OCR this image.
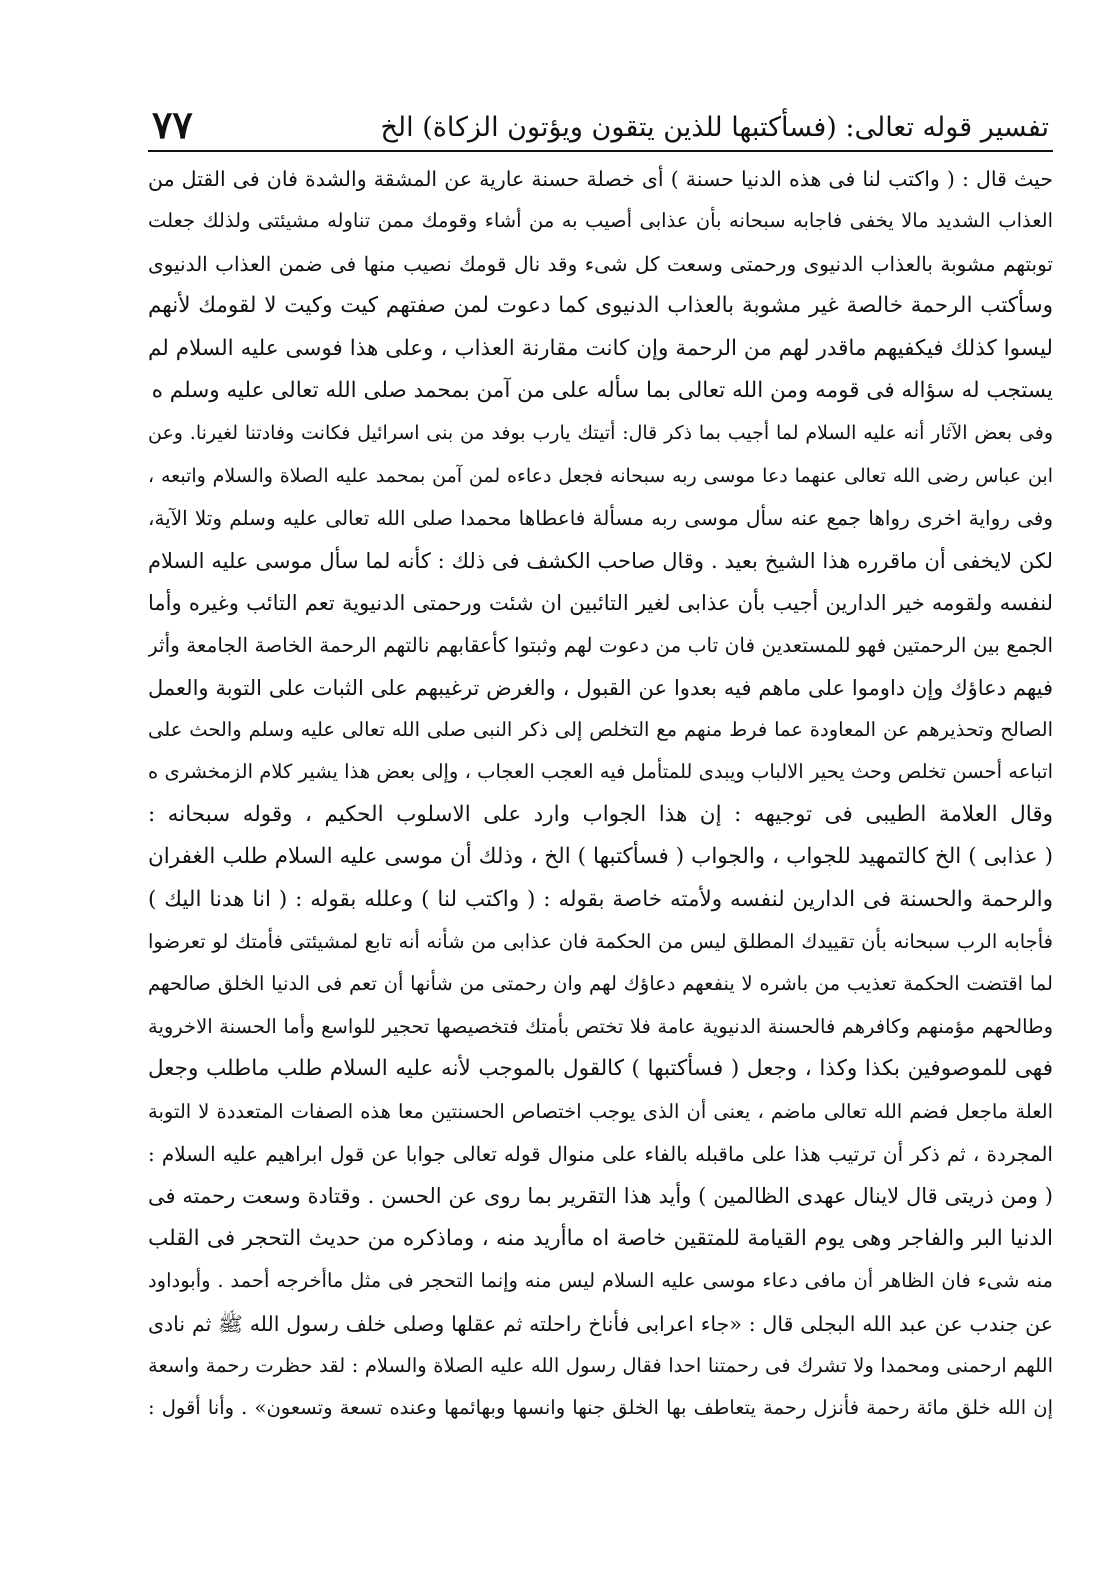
تفسير قوله تعالى: (فسأكتبها للذين يتقون ويؤتون الزكاة) الخ
٧٧
حيث قال : ( واكتب لنا فى هذه الدنيا حسنة ) أى خصلة حسنة عارية عن المشقة والشدة فان فى القتل من
العذاب الشديد مالا يخفى فاجابه سبحانه بأن عذابى أصيب به من أشاء وقومك ممن تناوله مشيئتى ولذلك جعلت
توبتهم مشوبة بالعذاب الدنيوى ورحمتى وسعت كل شىء وقد نال قومك نصيب منها فى ضمن العذاب الدنيوى
وسأكتب الرحمة خالصة غير مشوبة بالعذاب الدنيوى كما دعوت لمن صفتهم كيت وكيت لا لقومك لأنهم
ليسوا كذلك فيكفيهم ماقدر لهم من الرحمة وإن كانت مقارنة العذاب ، وعلى هذا فوسى عليه السلام لم
يستجب له سؤاله فى قومه ومن الله تعالى بما سأله على من آمن بمحمد صلى الله تعالى عليه وسلم ه
وفى بعض الآثار أنه عليه السلام لما أجيب بما ذكر قال: أتيتك يارب بوفد من بنى اسرائيل فكانت وفادتنا لغيرنا. وعن
ابن عباس رضى الله تعالى عنهما دعا موسى ربه سبحانه فجعل دعاءه لمن آمن بمحمد عليه الصلاة والسلام واتبعه ،
وفى رواية اخرى رواها جمع عنه سأل موسى ربه مسألة فاعطاها محمدا صلى الله تعالى عليه وسلم وتلا الآية،
لكن لايخفى أن ماقرره هذا الشيخ بعيد . وقال صاحب الكشف فى ذلك : كأنه لما سأل موسى عليه السلام
لنفسه ولقومه خير الدارين أجيب بأن عذابى لغير التائبين ان شئت ورحمتى الدنيوية تعم التائب وغيره وأما
الجمع بين الرحمتين فهو للمستعدين فان تاب من دعوت لهم وثبتوا كأعقابهم نالتهم الرحمة الخاصة الجامعة وأثر
فيهم دعاؤك وإن داوموا على ماهم فيه بعدوا عن القبول ، والغرض ترغيبهم على الثبات على التوبة والعمل
الصالح وتحذيرهم عن المعاودة عما فرط منهم مع التخلص إلى ذكر النبى صلى الله تعالى عليه وسلم والحث على
اتباعه أحسن تخلص وحث يحير الالباب ويبدى للمتأمل فيه العجب العجاب ، وإلى بعض هذا يشير كلام الزمخشرى ه
وقال العلامة الطيبى فى توجيهه : إن هذا الجواب وارد على الاسلوب الحكيم ، وقوله سبحانه :
( عذابى ) الخ كالتمهيد للجواب ، والجواب ( فسأكتبها ) الخ ، وذلك أن موسى عليه السلام طلب الغفران
والرحمة والحسنة فى الدارين لنفسه ولأمته خاصة بقوله : ( واكتب لنا ) وعلله بقوله : ( انا هدنا اليك )
فأجابه الرب سبحانه بأن تقييدك المطلق ليس من الحكمة فان عذابى من شأنه أنه تابع لمشيئتى فأمتك لو تعرضوا
لما اقتضت الحكمة تعذيب من باشره لا ينفعهم دعاؤك لهم وان رحمتى من شأنها أن تعم فى الدنيا الخلق صالحهم
وطالحهم مؤمنهم وكافرهم فالحسنة الدنيوية عامة فلا تختص بأمتك فتخصيصها تحجير للواسع وأما الحسنة الاخروية
فهى للموصوفين بكذا وكذا ، وجعل ( فسأكتبها ) كالقول بالموجب لأنه عليه السلام طلب ماطلب وجعل
العلة ماجعل فضم الله تعالى ماضم ، يعنى أن الذى يوجب اختصاص الحسنتين معا هذه الصفات المتعددة لا التوبة
المجردة ، ثم ذكر أن ترتيب هذا على ماقبله بالفاء على منوال قوله تعالى جوابا عن قول ابراهيم عليه السلام :
( ومن ذريتى قال لاينال عهدى الظالمين ) وأيد هذا التقرير بما روى عن الحسن . وقتادة وسعت رحمته فى
الدنيا البر والفاجر وهى يوم القيامة للمتقين خاصة اه ماأريد منه ، وماذكره من حديث التحجر فى القلب
منه شىء فان الظاهر أن مافى دعاء موسى عليه السلام ليس منه وإنما التحجر فى مثل ماأخرجه أحمد . وأبوداود
عن جندب عن عبد الله البجلى قال : «جاء اعرابى فأناخ راحلته ثم عقلها وصلى خلف رسول الله ﷺ ثم نادى
اللهم ارحمنى ومحمدا ولا تشرك فى رحمتنا احدا فقال رسول الله عليه الصلاة والسلام : لقد حظرت رحمة واسعة
إن الله خلق مائة رحمة فأنزل رحمة يتعاطف بها الخلق جنها وانسها وبهائمها وعنده تسعة وتسعون» . وأنا أقول :
